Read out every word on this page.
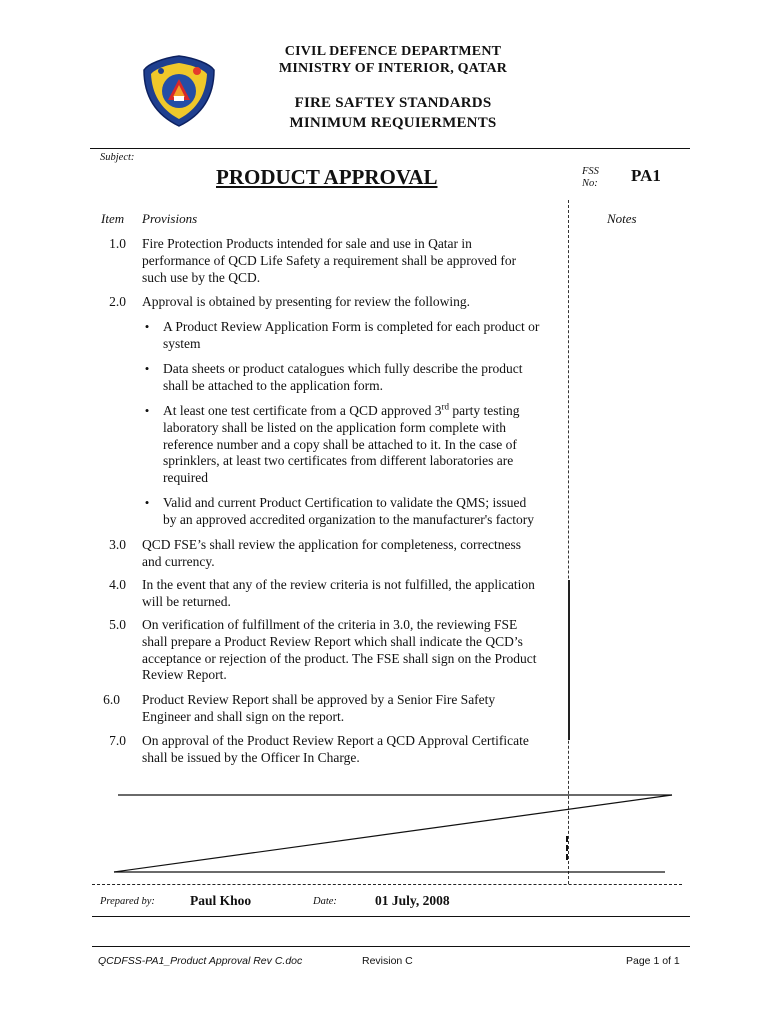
CIVIL DEFENCE DEPARTMENT
MINISTRY OF INTERIOR, QATAR
FIRE SAFTEY STANDARDS
MINIMUM REQUIERMENTS
Subject:
PRODUCT APPROVAL	FSS
No: PA1
Item Provisions	Notes
1.0 Fire Protection Products intended for sale and use in Qatar in
performance of QCD Life Safety a requirement shall be approved for
such use by the QCD.
2.0 Approval is obtained by presenting for review the following.
• A Product Review Application Form is completed for each product or
system
• Data sheets or product catalogues which fully describe the product
shall be attached to the application form.
• At least one test certificate from a QCD approved 3rd party testing
laboratory shall be listed on the application form complete with
reference number and a copy shall be attached to it. In the case of
sprinklers, at least two certificates from different laboratories are
required
• Valid and current Product Certification to validate the QMS; issued
by an approved accredited organization to the manufacturer's factory
3.0 QCD FSE’s shall review the application for completeness, correctness
and currency.
4.0 In the event that any of the review criteria is not fulfilled, the application
will be returned.
5.0 On verification of fulfillment of the criteria in 3.0, the reviewing FSE
shall prepare a Product Review Report which shall indicate the QCD’s
acceptance or rejection of the product. The FSE shall sign on the Product
Review Report.
6.0 Product Review Report shall be approved by a Senior Fire Safety
Engineer and shall sign on the report.
7.0 On approval of the Product Review Report a QCD Approval Certificate
shall be issued by the Officer In Charge.
Prepared by:	Paul Khoo	Date:	01 July, 2008
QCDFSS-PA1_Product Approval Rev C.doc	Revision C	Page 1 of 1
